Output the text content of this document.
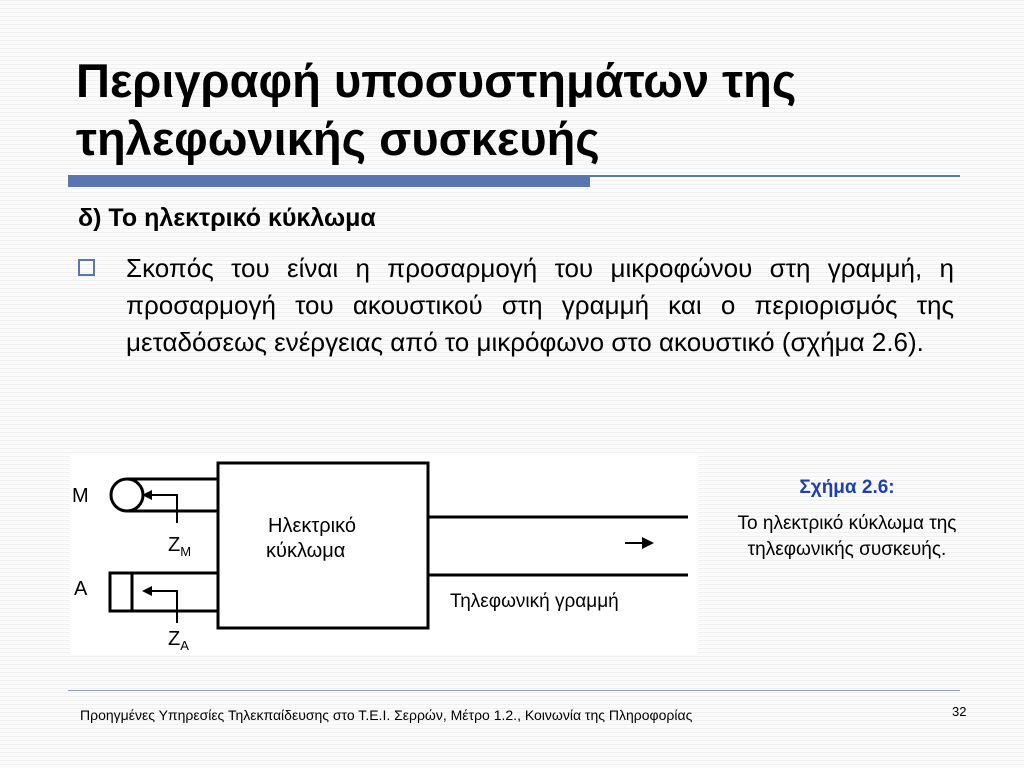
Περιγραφή υποσυστημάτων της
τηλεφωνικής συσκευής
δ) Το ηλεκτρικό κύκλωμα
Σκοπός του είναι η προσαρμογή του μικροφώνου στη γραμμή, η προσαρμογή του ακουστικού στη γραμμή και ο περιορισμός της μεταδόσεως ενέργειας από το μικρόφωνο στο ακουστικό (σχήμα 2.6).
M
A
$Z_M$
$Z_A$
Ηλεκτρικό
κύκλωμα
Τηλεφωνική γραμμή
Σχήμα 2.6:
Το ηλεκτρικό κύκλωμα της τηλεφωνικής συσκευής.
Προηγμένες Υπηρεσίες Τηλεκπαίδευσης στο Τ.Ε.Ι. Σερρών, Μέτρο 1.2., Κοινωνία της Πληροφορίας	32
